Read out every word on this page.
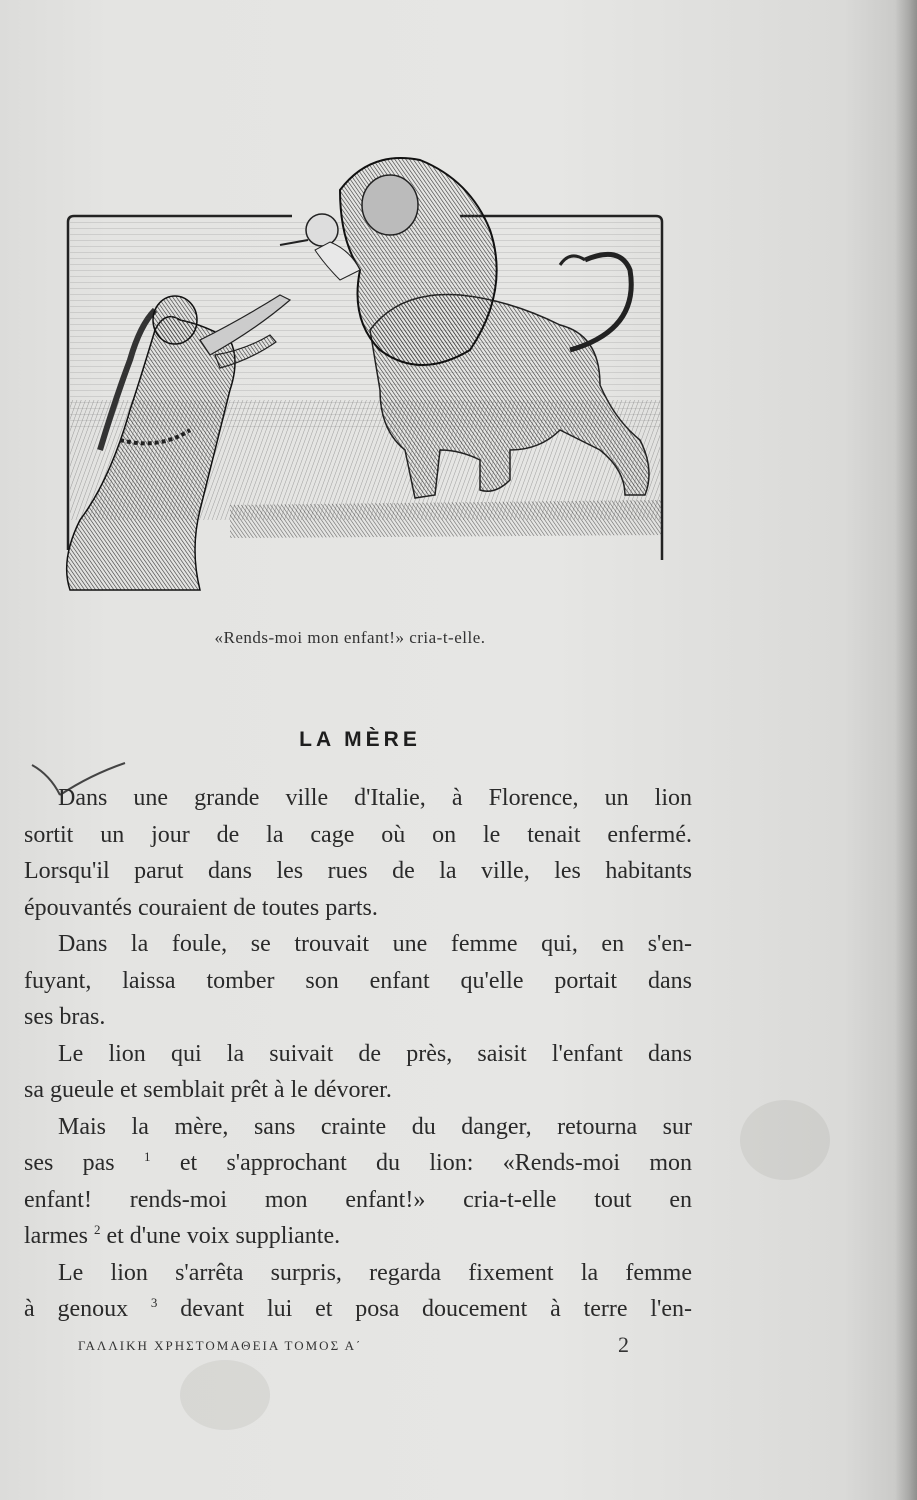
«Rends-moi mon enfant!» cria-t-elle.
LA MÈRE
Dans une grande ville d'Italie, à Florence, un lion
sortit un jour de la cage où on le tenait enfermé.
Lorsqu'il parut dans les rues de la ville, les habitants
épouvantés couraient de toutes parts.
Dans la foule, se trouvait une femme qui, en s'en-
fuyant, laissa tomber son enfant qu'elle portait dans
ses bras.
Le lion qui la suivait de près, saisit l'enfant dans
sa gueule et semblait prêt à le dévorer.
Mais la mère, sans crainte du danger, retourna sur
ses pas $^1$ et s'approchant du lion: «Rends-moi mon
enfant! rends-moi mon enfant!» cria-t-elle tout en
larmes $^2$ et d'une voix suppliante.
Le lion s'arrêta surpris, regarda fixement la femme
à genoux $^3$ devant lui et posa doucement à terre l'en-
ΓΑΛΛΙΚΗ ΧΡΗΣΤΟΜΑΘΕΙΑ ΤΟΜΟΣ Α΄	2
